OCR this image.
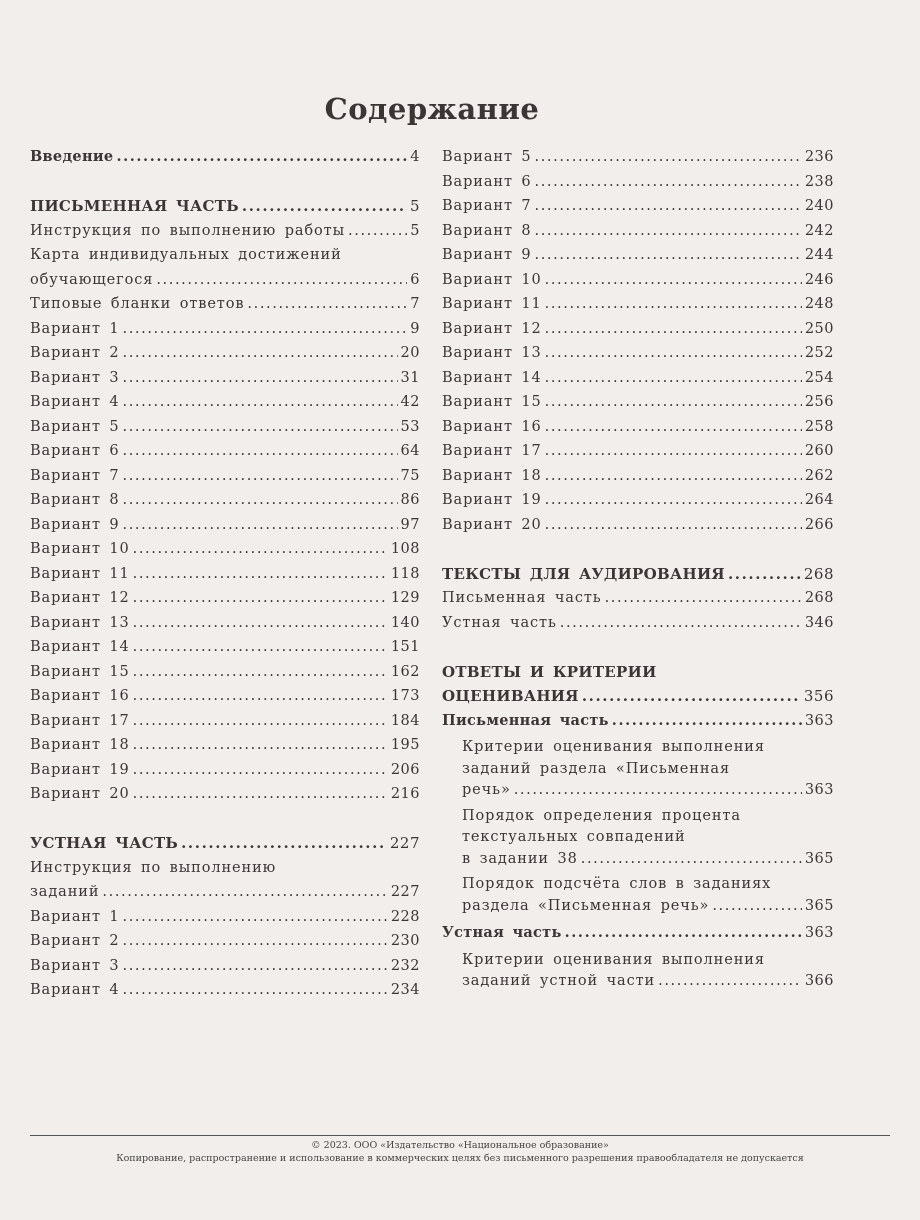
Содержание
Введение .....	4
ПИСЬМЕННАЯ ЧАСТЬ .....	5
Инструкция по выполнению работы .....	5
Карта индивидуальных достижений
обучающегося .....	6
Типовые бланки ответов .....	7
Вариант 1 .....	9
Вариант 2 .....	20
Вариант 3 .....	31
Вариант 4 .....	42
Вариант 5 .....	53
Вариант 6 .....	64
Вариант 7 .....	75
Вариант 8 .....	86
Вариант 9 .....	97
Вариант 10 .....	108
Вариант 11 .....	118
Вариант 12 .....	129
Вариант 13 .....	140
Вариант 14 .....	151
Вариант 15 .....	162
Вариант 16 .....	173
Вариант 17 .....	184
Вариант 18 .....	195
Вариант 19 .....	206
Вариант 20 .....	216
УСТНАЯ ЧАСТЬ .....	227
Инструкция по выполнению
заданий .....	227
Вариант 1 .....	228
Вариант 2 .....	230
Вариант 3 .....	232
Вариант 4 .....	234
Вариант 5 .....	236
Вариант 6 .....	238
Вариант 7 .....	240
Вариант 8 .....	242
Вариант 9 .....	244
Вариант 10 .....	246
Вариант 11 .....	248
Вариант 12 .....	250
Вариант 13 .....	252
Вариант 14 .....	254
Вариант 15 .....	256
Вариант 16 .....	258
Вариант 17 .....	260
Вариант 18 .....	262
Вариант 19 .....	264
Вариант 20 .....	266
ТЕКСТЫ ДЛЯ АУДИРОВАНИЯ .....	268
Письменная часть .....	268
Устная часть .....	346
ОТВЕТЫ И КРИТЕРИИ
ОЦЕНИВАНИЯ .....	356
Письменная часть .....	363
Критерии оценивания выполнения
заданий раздела «Письменная
речь» .....	363
Порядок определения процента
текстуальных совпадений
в задании 38 .....	365
Порядок подсчёта слов в заданиях
раздела «Письменная речь» .....	365
Устная часть .....	363
Критерии оценивания выполнения
заданий устной части .....	366
© 2023. ООО «Издательство «Национальное образование»
Копирование, распространение и использование в коммерческих целях без письменного разрешения правообладателя не допускается
